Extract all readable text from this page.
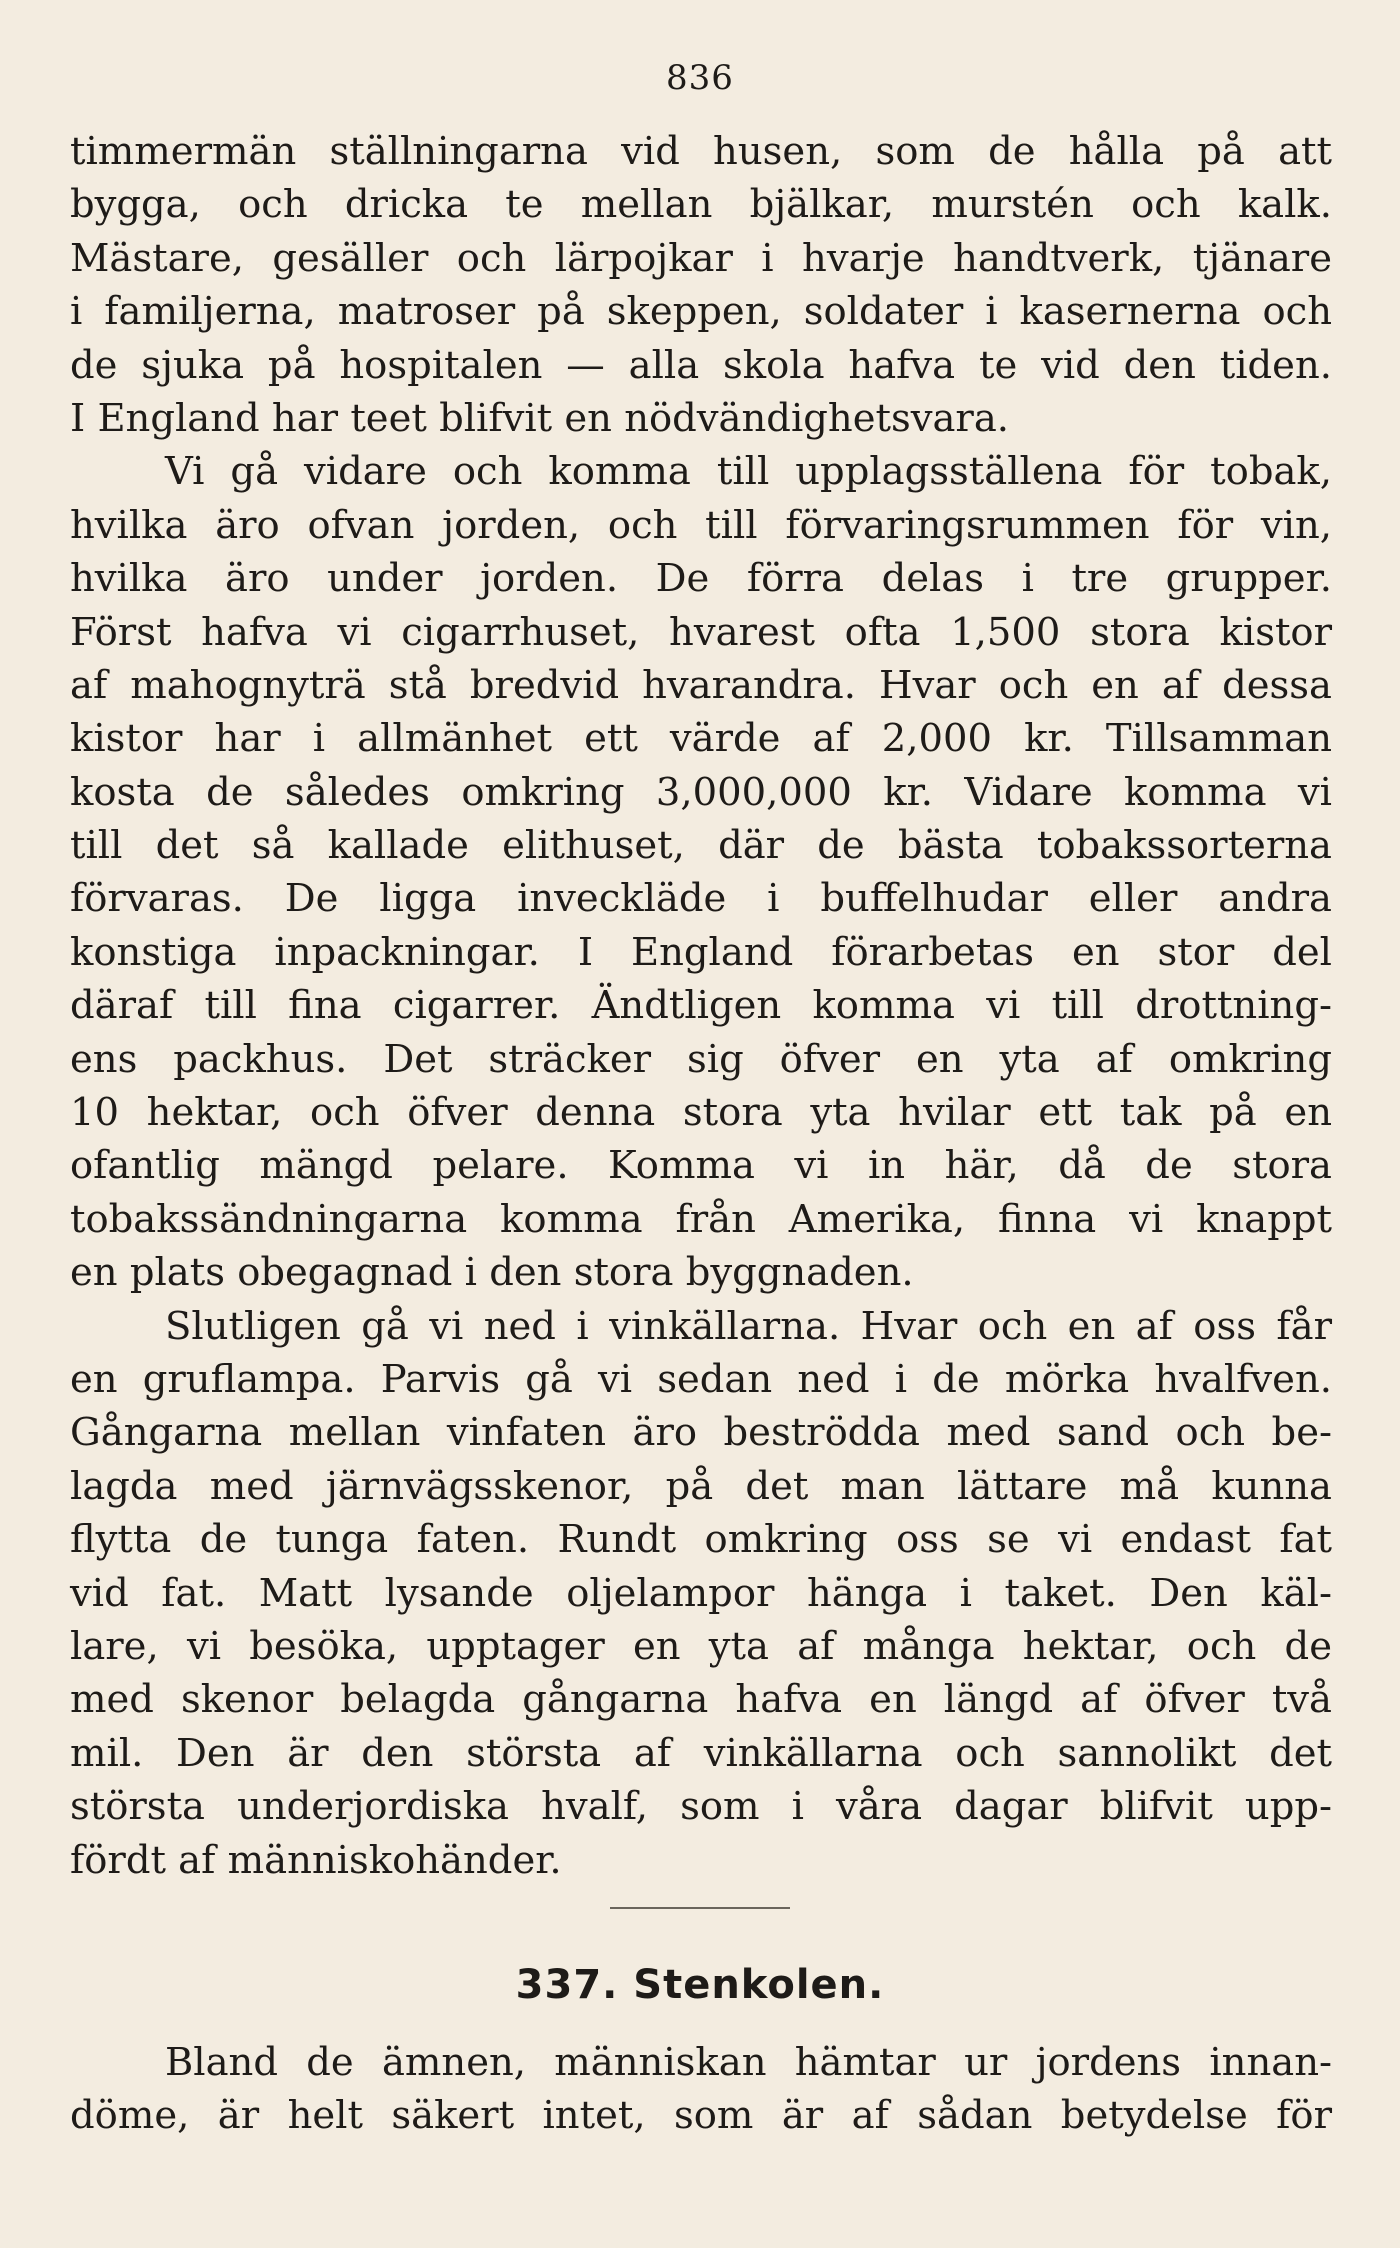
836
timmermän ställningarna vid husen, som de hålla på att
bygga, och dricka te mellan bjälkar, murstén och kalk.
Mästare, gesäller och lärpojkar i hvarje handtverk, tjänare
i familjerna, matroser på skeppen, soldater i kasernerna och
de sjuka på hospitalen — alla skola hafva te vid den tiden.
I England har teet blifvit en nödvändighetsvara.
Vi gå vidare och komma till upplagsställena för tobak,
hvilka äro ofvan jorden, och till förvaringsrummen för vin,
hvilka äro under jorden. De förra delas i tre grupper.
Först hafva vi cigarrhuset, hvarest ofta 1,500 stora kistor
af mahognyträ stå bredvid hvarandra. Hvar och en af dessa
kistor har i allmänhet ett värde af 2,000 kr. Tillsamman
kosta de således omkring 3,000,000 kr. Vidare komma vi
till det så kallade elithuset, där de bästa tobakssorterna
förvaras. De ligga inveckläde i buffelhudar eller andra
konstiga inpackningar. I England förarbetas en stor del
däraf till fina cigarrer. Ändtligen komma vi till drottning-
ens packhus. Det sträcker sig öfver en yta af omkring
10 hektar, och öfver denna stora yta hvilar ett tak på en
ofantlig mängd pelare. Komma vi in här, då de stora
tobakssändningarna komma från Amerika, finna vi knappt
en plats obegagnad i den stora byggnaden.
Slutligen gå vi ned i vinkällarna. Hvar och en af oss får
en gruflampa. Parvis gå vi sedan ned i de mörka hvalfven.
Gångarna mellan vinfaten äro beströdda med sand och be-
lagda med järnvägsskenor, på det man lättare må kunna
flytta de tunga faten. Rundt omkring oss se vi endast fat
vid fat. Matt lysande oljelampor hänga i taket. Den käl-
lare, vi besöka, upptager en yta af många hektar, och de
med skenor belagda gångarna hafva en längd af öfver två
mil. Den är den största af vinkällarna och sannolikt det
största underjordiska hvalf, som i våra dagar blifvit upp-
fördt af människohänder.
337. Stenkolen.
Bland de ämnen, människan hämtar ur jordens innan-
döme, är helt säkert intet, som är af sådan betydelse för
